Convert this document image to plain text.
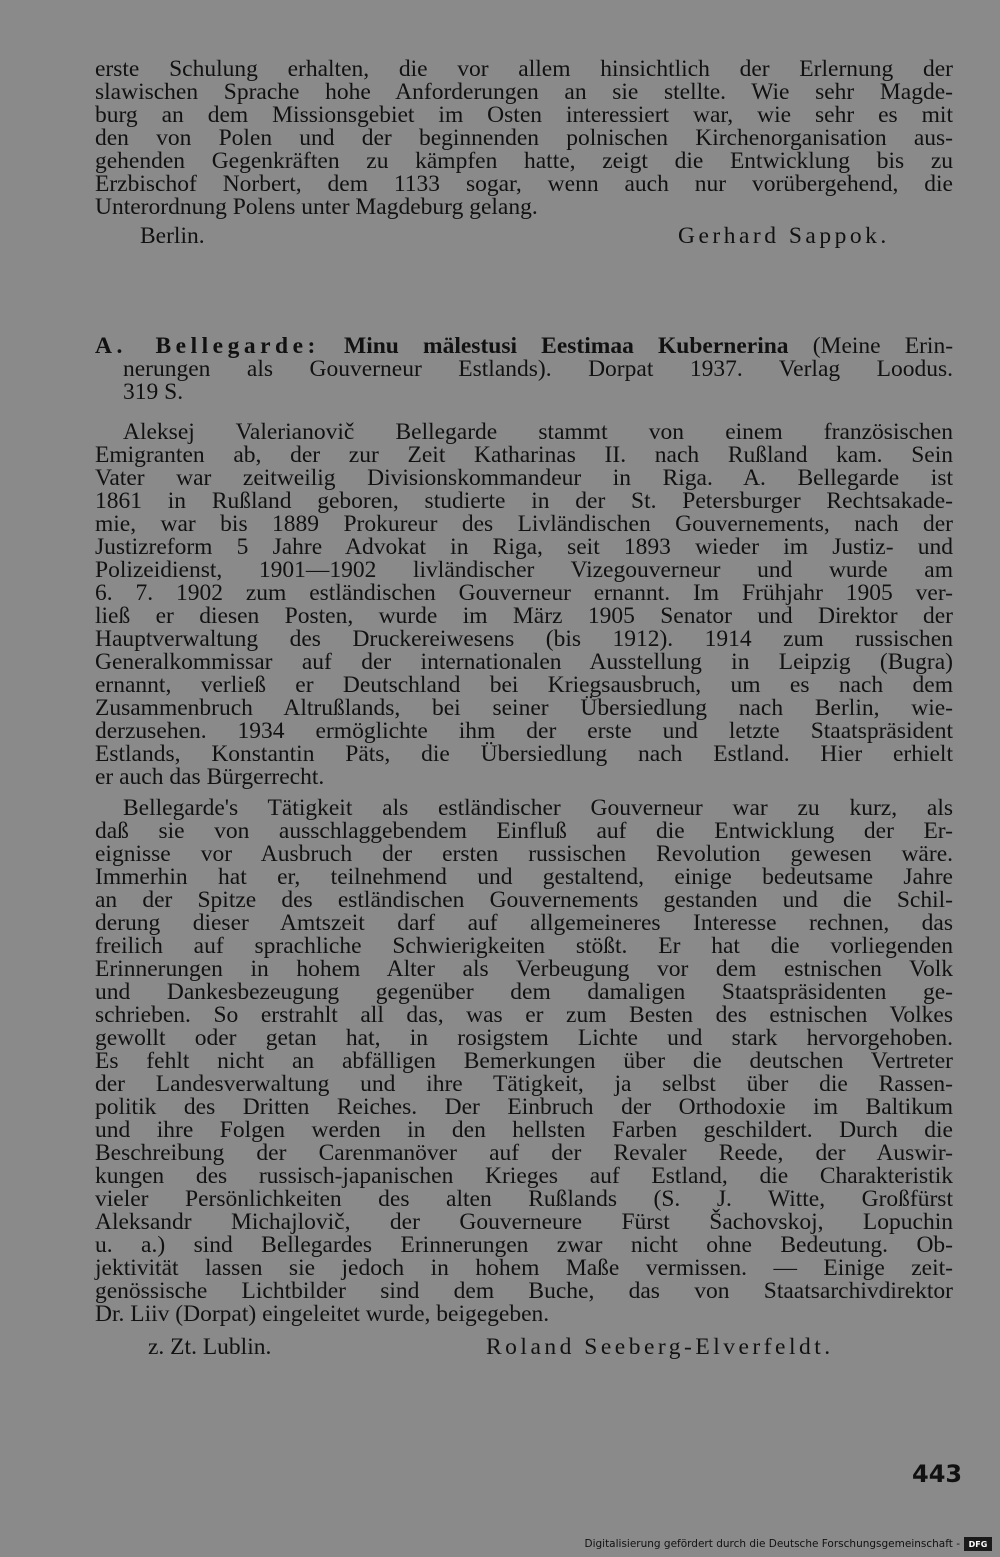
erste Schulung erhalten, die vor allem hinsichtlich der Erlernung der
slawischen Sprache hohe Anforderungen an sie stellte. Wie sehr Magde-
burg an dem Missionsgebiet im Osten interessiert war, wie sehr es mit
den von Polen und der beginnenden polnischen Kirchenorganisation aus-
gehenden Gegenkräften zu kämpfen hatte, zeigt die Entwicklung bis zu
Erzbischof Norbert, dem 1133 sogar, wenn auch nur vorübergehend, die
Unterordnung Polens unter Magdeburg gelang.
Berlin.	Gerhard Sappok.
A. Bellegarde: Minu mälestusi Eestimaa Kubernerina (Meine Erin-
nerungen als Gouverneur Estlands). Dorpat 1937. Verlag Loodus.
319 S.
Aleksej Valerianovič Bellegarde stammt von einem französischen
Emigranten ab, der zur Zeit Katharinas II. nach Rußland kam. Sein
Vater war zeitweilig Divisionskommandeur in Riga. A. Bellegarde ist
1861 in Rußland geboren, studierte in der St. Petersburger Rechtsakade-
mie, war bis 1889 Prokureur des Livländischen Gouvernements, nach der
Justizreform 5 Jahre Advokat in Riga, seit 1893 wieder im Justiz- und
Polizeidienst, 1901—1902 livländischer Vizegouverneur und wurde am
6. 7. 1902 zum estländischen Gouverneur ernannt. Im Frühjahr 1905 ver-
ließ er diesen Posten, wurde im März 1905 Senator und Direktor der
Hauptverwaltung des Druckereiwesens (bis 1912). 1914 zum russischen
Generalkommissar auf der internationalen Ausstellung in Leipzig (Bugra)
ernannt, verließ er Deutschland bei Kriegsausbruch, um es nach dem
Zusammenbruch Altrußlands, bei seiner Übersiedlung nach Berlin, wie-
derzusehen. 1934 ermöglichte ihm der erste und letzte Staatspräsident
Estlands, Konstantin Päts, die Übersiedlung nach Estland. Hier erhielt
er auch das Bürgerrecht.
Bellegarde's Tätigkeit als estländischer Gouverneur war zu kurz, als
daß sie von ausschlaggebendem Einfluß auf die Entwicklung der Er-
eignisse vor Ausbruch der ersten russischen Revolution gewesen wäre.
Immerhin hat er, teilnehmend und gestaltend, einige bedeutsame Jahre
an der Spitze des estländischen Gouvernements gestanden und die Schil-
derung dieser Amtszeit darf auf allgemeineres Interesse rechnen, das
freilich auf sprachliche Schwierigkeiten stößt. Er hat die vorliegenden
Erinnerungen in hohem Alter als Verbeugung vor dem estnischen Volk
und Dankesbezeugung gegenüber dem damaligen Staatspräsidenten ge-
schrieben. So erstrahlt all das, was er zum Besten des estnischen Volkes
gewollt oder getan hat, in rosigstem Lichte und stark hervorgehoben.
Es fehlt nicht an abfälligen Bemerkungen über die deutschen Vertreter
der Landesverwaltung und ihre Tätigkeit, ja selbst über die Rassen-
politik des Dritten Reiches. Der Einbruch der Orthodoxie im Baltikum
und ihre Folgen werden in den hellsten Farben geschildert. Durch die
Beschreibung der Carenmanöver auf der Revaler Reede, der Auswir-
kungen des russisch-japanischen Krieges auf Estland, die Charakteristik
vieler Persönlichkeiten des alten Rußlands (S. J. Witte, Großfürst
Aleksandr Michajlovič, der Gouverneure Fürst Šachovskoj, Lopuchin
u. a.) sind Bellegardes Erinnerungen zwar nicht ohne Bedeutung. Ob-
jektivität lassen sie jedoch in hohem Maße vermissen. — Einige zeit-
genössische Lichtbilder sind dem Buche, das von Staatsarchivdirektor
Dr. Liiv (Dorpat) eingeleitet wurde, beigegeben.
z. Zt. Lublin.	Roland Seeberg-Elverfeldt.
443
Digitalisierung gefördert durch die Deutsche Forschungsgemeinschaft -	DFG
